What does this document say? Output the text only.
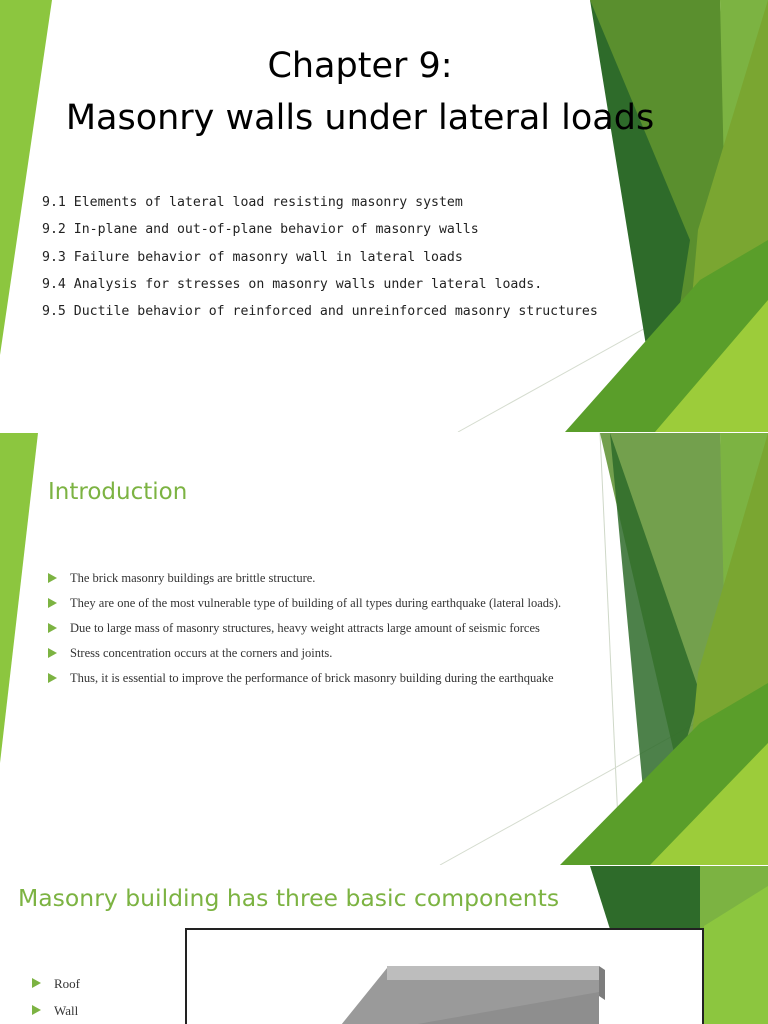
Chapter 9:
Masonry walls under lateral loads
9.1 Elements of lateral load resisting masonry system
9.2 In-plane and out-of-plane behavior of masonry walls
9.3 Failure behavior of masonry wall in lateral loads
9.4 Analysis for stresses on masonry walls under lateral loads.
9.5 Ductile behavior of reinforced and unreinforced masonry structures
Introduction
The brick masonry buildings are brittle structure.
They are one of the most vulnerable type of building of all types during earthquake (lateral loads).
Due to large mass of masonry structures, heavy weight attracts large amount of seismic forces
Stress concentration occurs at the corners and joints.
Thus, it is essential to improve the performance of brick masonry building during the earthquake
Masonry building has three basic components
Roof
Wall
